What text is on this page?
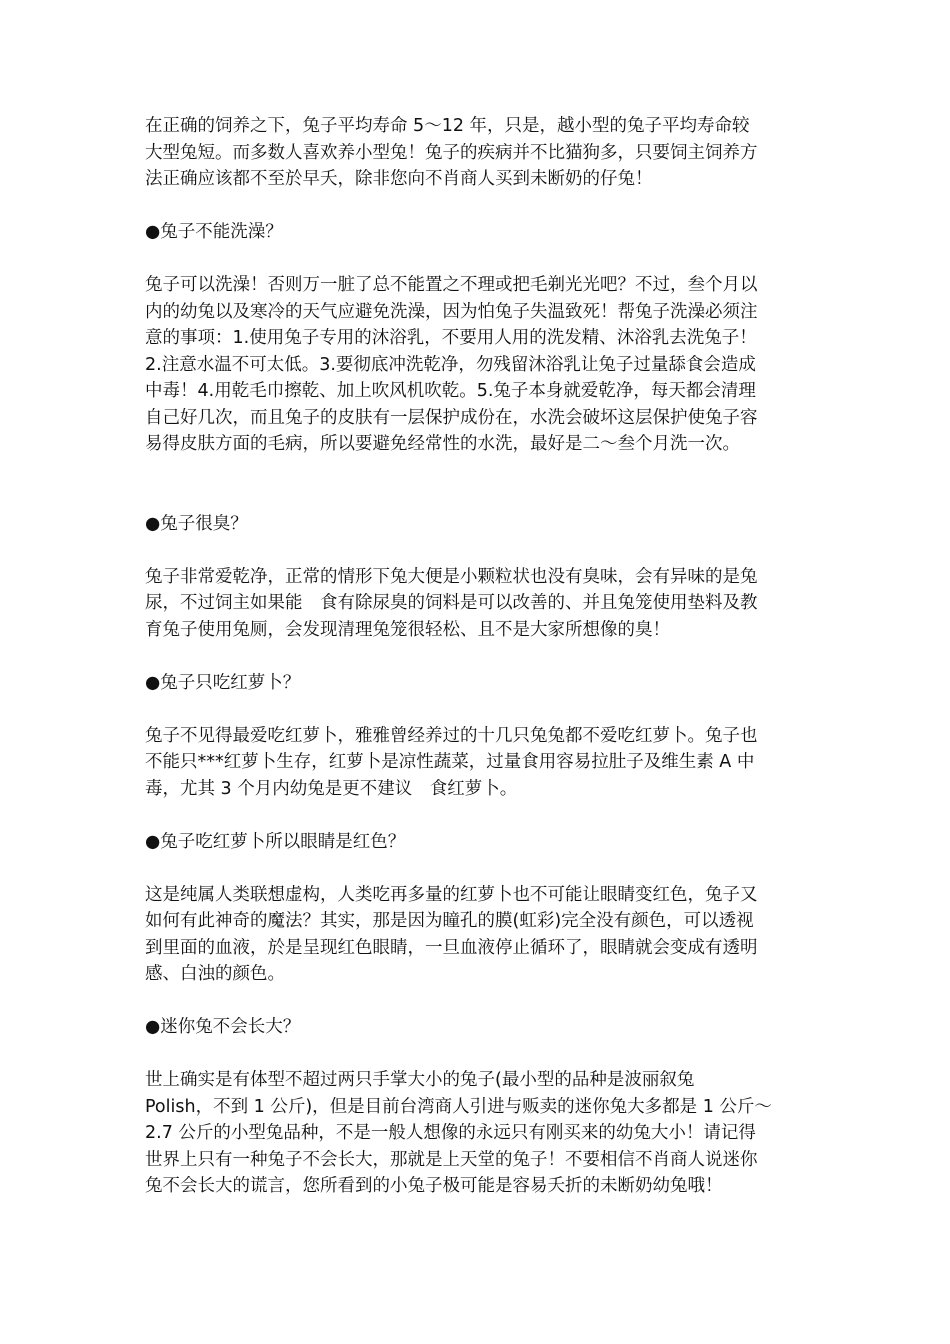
在正确的饲养之下，兔子平均寿命 5～12 年，只是，越小型的兔子平均寿命较
大型兔短。而多数人喜欢养小型兔！兔子的疾病并不比猫狗多，只要饲主饲养方
法正确应该都不至於早夭，除非您向不肖商人买到未断奶的仔兔！
●兔子不能洗澡？
兔子可以洗澡！否则万一脏了总不能置之不理或把毛剃光光吧？不过，叁个月以
内的幼兔以及寒冷的天气应避免洗澡，因为怕兔子失温致死！帮兔子洗澡必须注
意的事项：1.使用兔子专用的沐浴乳，不要用人用的洗发精、沐浴乳去洗兔子！
2.注意水温不可太低。3.要彻底冲洗乾净，勿残留沐浴乳让兔子过量舔食会造成
中毒！4.用乾毛巾擦乾、加上吹风机吹乾。5.兔子本身就爱乾净，每天都会清理
自己好几次，而且兔子的皮肤有一层保护成份在，水洗会破坏这层保护使兔子容
易得皮肤方面的毛病，所以要避免经常性的水洗，最好是二～叁个月洗一次。
●兔子很臭？
兔子非常爱乾净，正常的情形下兔大便是小颗粒状也没有臭味，会有异味的是兔
尿，不过饲主如果能　食有除尿臭的饲料是可以改善的、并且兔笼使用垫料及教
育兔子使用兔厕，会发现清理兔笼很轻松、且不是大家所想像的臭！
●兔子只吃红萝卜？
兔子不见得最爱吃红萝卜，雅雅曾经养过的十几只兔兔都不爱吃红萝卜。兔子也
不能只***红萝卜生存，红萝卜是凉性蔬菜，过量食用容易拉肚子及维生素 A 中
毒，尤其 3 个月内幼兔是更不建议　食红萝卜。
●兔子吃红萝卜所以眼睛是红色？
这是纯属人类联想虚构，人类吃再多量的红萝卜也不可能让眼睛变红色，兔子又
如何有此神奇的魔法？其实，那是因为瞳孔的膜(虹彩)完全没有颜色，可以透视
到里面的血液，於是呈现红色眼睛，一旦血液停止循环了，眼睛就会变成有透明
感、白浊的颜色。
●迷你兔不会长大？
世上确实是有体型不超过两只手掌大小的兔子(最小型的品种是波丽叙兔
Polish，不到 1 公斤)，但是目前台湾商人引进与贩卖的迷你兔大多都是 1 公斤～
2.7 公斤的小型兔品种，不是一般人想像的永远只有刚买来的幼兔大小！请记得
世界上只有一种兔子不会长大，那就是上天堂的兔子！不要相信不肖商人说迷你
兔不会长大的谎言，您所看到的小兔子极可能是容易夭折的未断奶幼兔哦！
